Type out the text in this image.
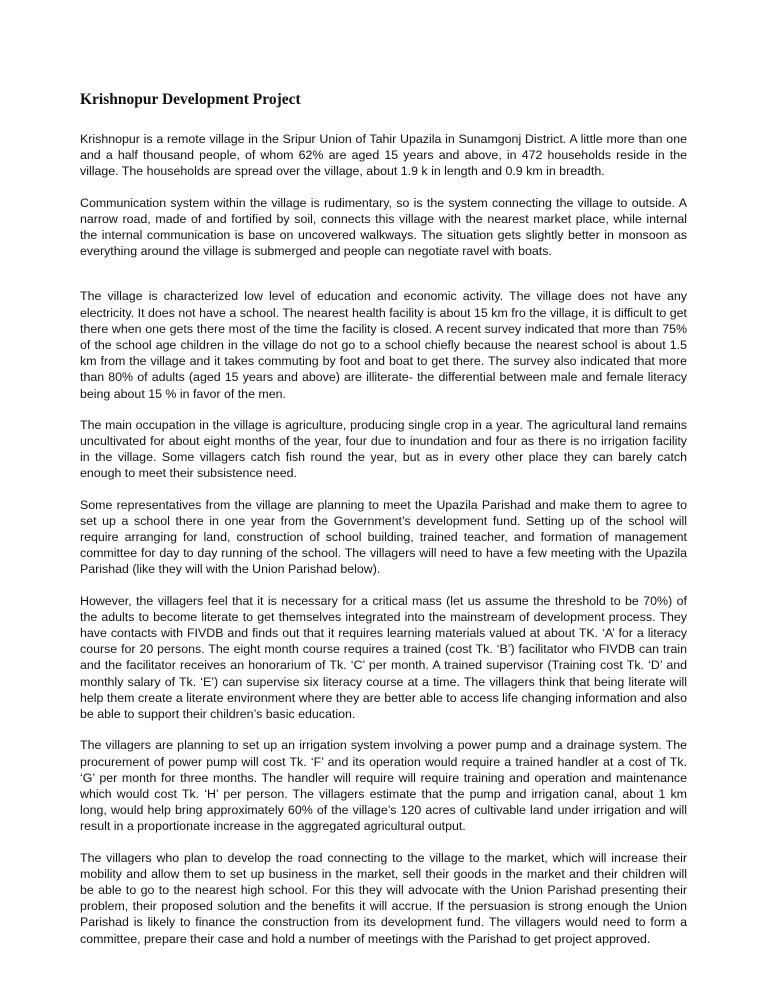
Krishnopur Development Project

Krishnopur is a remote village in the Sripur Union of Tahir Upazila in Sunamgonj District. A little more than one and a half thousand people, of whom 62% are aged 15 years and above, in 472 households reside in the village. The households are spread over the village, about 1.9 k in length and 0.9 km in breadth.

Communication system within the village is rudimentary, so is the system connecting the village to outside. A narrow road, made of and fortified by soil, connects this village with the nearest market place, while internal the internal communication is base on uncovered walkways. The situation gets slightly better in monsoon as everything around the village is submerged and people can negotiate ravel with boats.

The village is characterized low level of education and economic activity. The village does not have any electricity. It does not have a school. The nearest health facility is about 15 km fro the village, it is difficult to get there when one gets there most of the time the facility is closed. A recent survey indicated that more than 75% of the school age children in the village do not go to a school chiefly because the nearest school is about 1.5 km from the village and it takes commuting by foot and boat to get there. The survey also indicated that more than 80% of adults (aged 15 years and above) are illiterate- the differential between male and female literacy being about 15 % in favor of the men.

The main occupation in the village is agriculture, producing single crop in a year. The agricultural land remains uncultivated for about eight months of the year, four due to inundation and four as there is no irrigation facility in the village. Some villagers catch fish round the year, but as in every other place they can barely catch enough to meet their subsistence need.

Some representatives from the village are planning to meet the Upazila Parishad and make them to agree to set up a school there in one year from the Government’s development fund. Setting up of the school will require arranging for land, construction of school building, trained teacher, and formation of management committee for day to day running of the school. The villagers will need to have a few meeting with the Upazila Parishad (like they will with the Union Parishad below).

However, the villagers feel that it is necessary for a critical mass (let us assume the threshold to be 70%) of the adults to become literate to get themselves integrated into the mainstream of development process. They have contacts with FIVDB and finds out that it requires learning materials valued at about TK. ‘A’ for a literacy course for 20 persons. The eight month course requires a trained (cost Tk. ‘B’) facilitator who FIVDB can train and the facilitator receives an honorarium of Tk. ‘C’ per month. A trained supervisor (Training cost Tk. ‘D’ and monthly salary of Tk. ‘E’) can supervise six literacy course at a time. The villagers think that being literate will help them create a literate environment where they are better able to access life changing information and also be able to support their children’s basic education.

The villagers are planning to set up an irrigation system involving a power pump and a drainage system. The procurement of power pump will cost Tk. ‘F’ and its operation would require a trained handler at a cost of Tk. ‘G’ per month for three months. The handler will require will require training and operation and maintenance which would cost Tk. ‘H’ per person. The villagers estimate that the pump and irrigation canal, about 1 km long, would help bring approximately 60% of the village’s 120 acres of cultivable land under irrigation and will result in a proportionate increase in the aggregated agricultural output.

The villagers who plan to develop the road connecting to the village to the market, which will increase their mobility and allow them to set up business in the market, sell their goods in the market and their children will be able to go to the nearest high school. For this they will advocate with the Union Parishad presenting their problem, their proposed solution and the benefits it will accrue. If the persuasion is strong enough the Union Parishad is likely to finance the construction from its development fund. The villagers would need to form a committee, prepare their case and hold a number of meetings with the Parishad to get project approved.
